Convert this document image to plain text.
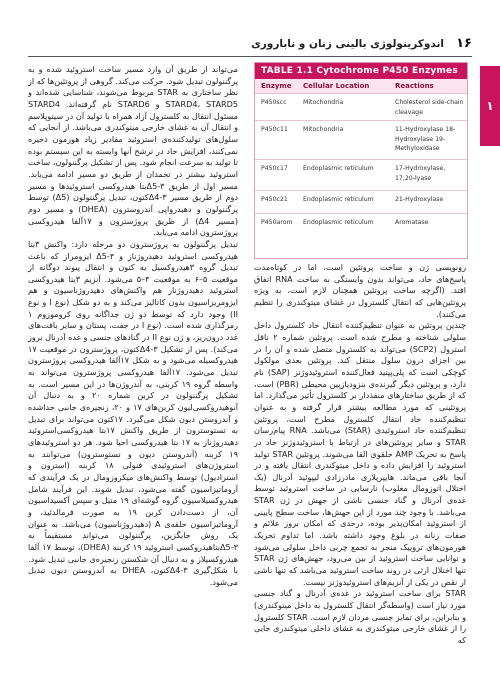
اندوکرینولوژی بالینی زنان و ناباروری ۱۶
۱

می‌تواند از طریق آن وارد مسیر ساخت استروئید شده و به پرگننولون تبدیل شود. حرکت می‌کند. گروهی از پروتئین‌ها که از نظر ساختاری به STAR مربوط می‌شوند، شناسایی شده‌اند و STARD4، STARD5 و STARD6 نام گرفته‌اند. STARD4 مسئول انتقال به کلسترول آزاد همراه با تولید آن در سیتوپلاسم و انتقال آن به غشای خارجی میتوکندری می‌باشد. از آنجایی که سلول‌های تولیدکننده‌ی استروئید مقادیر زیاد هورمون ذخیره نمی‌کنند، افزایش حاد در ترشح آنها وابسته به این سیستم بوده تا تولید به سرعت انجام شود. پس از تشکیل پرگننولون، ساخت استروئید بیشتر در تخمدان از طریق دو مسیر ادامه می‌یابد. مسیر اول از طریق Δ5-۳بتا هیدروکسی استروئیدها و مسیر دوم از طریق مسیر Δ4-۳کتون، تبدیل پرگننولون (Δ5) توسط پرگننولون و دهیدرواپی آندروسترون (DHEA) و مسیر دوم (مسیر Δ4) از طریق پروژسترون و ۱۷آلفا هیدروکسی پروژسترون ادامه می‌یابد.

تبدیل پرگننولون به پروژسترون دو مرحله دارد: واکنش ۳بتا هیدروکسی استروئید دهیدروژناز و Δ5-۴ ایزومراز که باعث تبدیل گروه ۳هیدروکسیل به کتون و انتقال پیوند دوگانه از موقعیت ۵–۶ به موقعیت ۴–۵ می‌شود. آنزیم ۳بتا هیدروکسی استروئید دهیدروژناز هم واکنش‌های دهیدروژناسیون و هم ایزومریزاسیون بدون کاتالیز می‌کند و به دو شکل (نوع I و نوع II) وجود دارد که توسط دو ژن جداگانه روی کروموزوم ۱ رمزگذاری شده است. (نوع I در جفت، پستان و سایر بافت‌های غدد درون‌ریز، و ژن نوع II در گنادهای جنسی و غده آدرنال بروز می‌کند). پس از تشکیل Δ4-۳کتون، پروژسترون در موقعیت ۱۷ هیدروکسیله می‌شود و به شکل ۱۷آلفا هیدروکسی پروژسترون تبدیل می‌شود. ۱۷آلفا هیدروکسی پروژسترون می‌تواند به واسطه گروه ۱۹ کربنی، به آندروژن‌ها در این مسیر است. به تشکیل پرگننولون در کربن شماره ۲۰ و به دنبال آن آنوهیدروکسی‌لیون کربن‌های ۱۷ و ۲۰، زنجیره‌ی جانبی جداشده و آندروستن دیون شکل می‌گیرد. ۱۷کتون می‌تواند برای تبدیل به تستوسترون از طریق واکنش ۱۷بتا هیدروکسی‌استروئید دهیدروژناز به ۱۷ بتا هیدروکسی احیا شود. هر دو استروئیدهای ۱۹ کربنه (آندروستن دیون و تستوسترون) می‌توانند به استروژن‌های استروئیدی فنولی ۱۸ کربنه (استرون و استرادیول) توسط واکنش‌های میکروزومال در یک فرآیندی که آروماتیزاسیون گفته می‌شود، تبدیل شوند. این فرآیند شامل هیدروکسیلاسیون گروه گوشه‌ای ۱۹ متیل و سپس آکسیداسیون آن، از دست‌دادن کربن ۱۹ به صورت فرمالدئید، و آروماتیزاسیون حلقه‌ی A (دهیدروژناسیون) می‌باشد. به عنوان یک روش جایگزین، پرگننولون می‌تواند مستقیماً به Δ5-۳بتاهیدروکسی استروئید ۱۹ کربنه (DHEA)، توسط ۱۷ آلفا هیدروکسیلاز و به دنبال آن شکستن زنجیره‌ی جانبی تبدیل شود. با شکل‌گیری Δ4-۳کتون، DHEA به آندروستن دیون تبدیل می‌شود.

TABLE 1.1 Cytochrome P450 Enzymes
Enzyme	Cellular Location	Reactions
P450scc	Mitochondria	Cholesterol side-chain cleavage
P450c11	Mitochondria	11-Hydroxylase 18-Hydroxylase 19-Methyloxidase
P450c17	Endoplasmic reticulum	17-Hydroxylase, 17,20-lyase
P450c21	Endoplasmic reticulum	21-Hydroxylase
P450arom	Endoplasmic reticulum	Aromatase

رونویسی ژن و ساخت پروتئین است، اما در کوتاه‌مدت پاسخ‌های حاد، می‌تواند بدون وابستگی به ساخت RNA اتفاق افتد. (اگرچه ساخت پروتئین همچنان لازم است، به ویژه پروتئین‌هایی که انتقال کلسترول در غشای میتوکندری را تنظیم می‌کنند).

چندین پروتئین به عنوان تنظیم‌کننده انتقال حاد کلسترول داخل سلولی شناخته و مطرح شده است. پروتئین شماره ۲ ناقل استرول (SCP2) می‌تواند به کلسترول متصل شده و آن را در بین اجزای درون سلول منتقل کند. پروتئین بعدی مولکول کوچکی است که پلی‌پپتید فعال‌کننده استروئیدوژنز (SAP) نام دارد، و پروتئین دیگر گیرنده‌ی بنزودیازپین محیطی (PBR) است، که از طریق ساختارهای منفذدار بر کلسترول تأثیر می‌گذارد. اما پروتئینی که مورد مطالعه بیشتر قرار گرفته و به عنوان تنظیم‌کننده حاد انتقال کلسترول مطرح است، پروتئین تنظیم‌کننده حاد استروئیدی (StAR) می‌باشد. RNA پیام‌رسان STAR و سایر پروتئین‌های در ارتباط با استروئیدوژنز حاد در پاسخ به تحریک AMP حلقوی القا می‌شوند. پروتئین STAR تولید استروئید را افزایش داده و داخل میتوکندری انتقال یافته و در آنجا باقی می‌ماند. هایپرپلازی مادرزادی لیپوئید آدرنال (یک اختلال اتوزومال مغلوب) نارسایی در ساخت استروئید توسط غده‌ی آدرنال و گناد جنسی ناشی از جهش در ژن STAR می‌باشد. با وجود چند مورد از این جهش‌ها، ساخت سطح پایینی از استروئید امکان‌پذیر بوده، درحدی که امکان بروز علائم و صفات زنانه در بلوغ وجود داشته باشد. اما تداوم تحریک هورمون‌های تروپیک منجر به تجمع چربی داخل سلولی می‌شود و توانایی ساخت استروئید از بین می‌رود، جهش‌های ژن STAR تنها اختلال ارثی در روند ساخت استروئید می‌باشد که تنها ناشی از نقص در یکی از آنزیم‌های استروئیدوژنز نیست.

STAR برای ساخت استروئید در غده‌ی آدرنال و گناد جنسی مورد نیاز است (واسطه‌گر انتقال کلسترول به داخل میتوکندری) و بنابراین، برای تمایز جنسی مردان لازم است. STAR کلسترول را از غشای خارجی میتوکندری به غشای داخلی میتوکندری جایی که
